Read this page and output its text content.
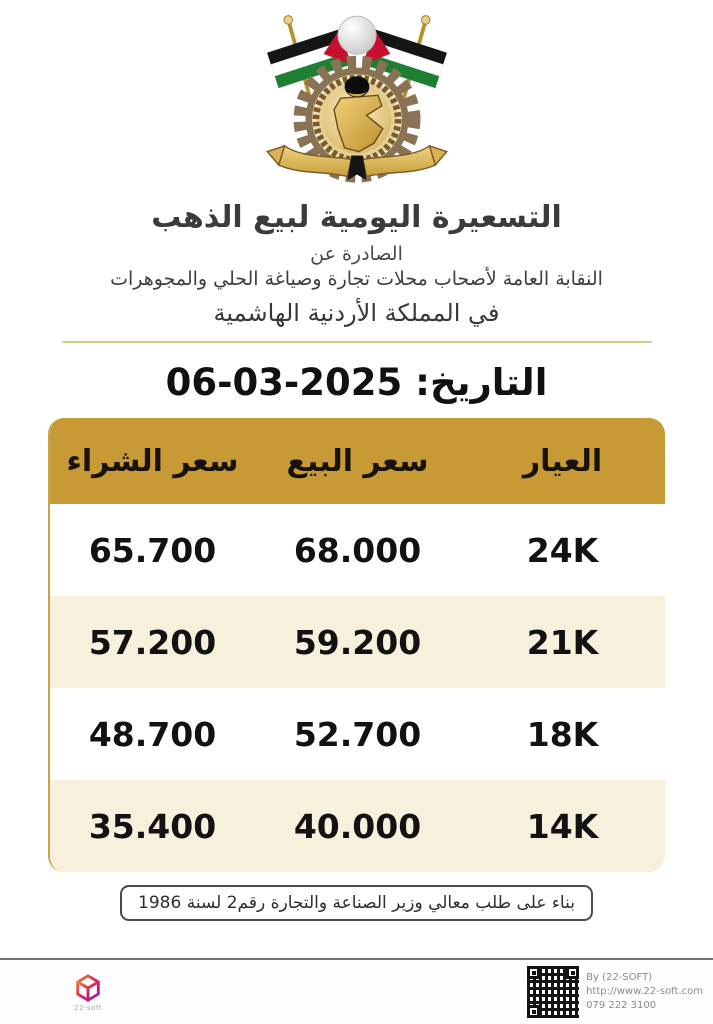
التسعيرة اليومية لبيع الذهب
الصادرة عن
النقابة العامة لأصحاب محلات تجارة وصياغة الحلي والمجوهرات
في المملكة الأردنية الهاشمية
التاريخ: 06-03-2025
العيار
سعر البيع
سعر الشراء
24K
68.000
65.700
21K
59.200
57.200
18K
52.700
48.700
14K
40.000
35.400
بناء على طلب معالي وزير الصناعة والتجارة رقم2 لسنة 1986
22-soft
By (22-SOFT)
http://www.22-soft.com
079 222 3100
